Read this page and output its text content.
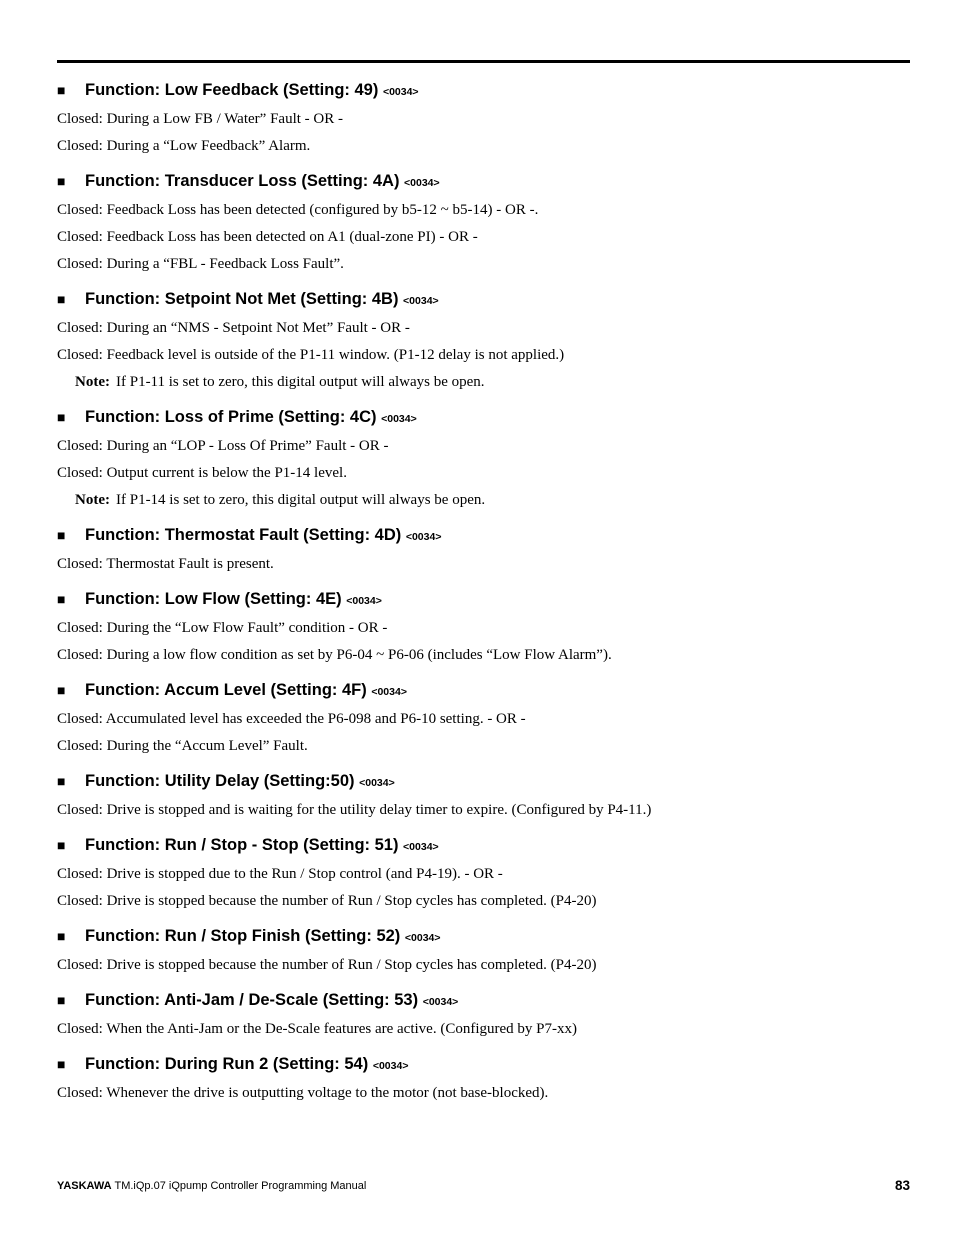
■ Function: Low Feedback (Setting: 49) <0034>
Closed: During a Low FB / Water” Fault - OR -
Closed: During a “Low Feedback” Alarm.
■ Function: Transducer Loss (Setting: 4A) <0034>
Closed: Feedback Loss has been detected (configured by b5-12 ~ b5-14) - OR -.
Closed: Feedback Loss has been detected on A1 (dual-zone PI) - OR -
Closed: During a “FBL - Feedback Loss Fault”.
■ Function: Setpoint Not Met (Setting: 4B) <0034>
Closed: During an “NMS - Setpoint Not Met” Fault - OR -
Closed: Feedback level is outside of the P1-11 window. (P1-12 delay is not applied.)
Note: If P1-11 is set to zero, this digital output will always be open.
■ Function: Loss of Prime (Setting: 4C) <0034>
Closed: During an “LOP - Loss Of Prime” Fault - OR -
Closed: Output current is below the P1-14 level.
Note: If P1-14 is set to zero, this digital output will always be open.
■ Function: Thermostat Fault (Setting: 4D) <0034>
Closed: Thermostat Fault is present.
■ Function: Low Flow (Setting: 4E) <0034>
Closed: During the “Low Flow Fault” condition - OR -
Closed: During a low flow condition as set by P6-04 ~ P6-06 (includes “Low Flow Alarm”).
■ Function: Accum Level (Setting: 4F) <0034>
Closed: Accumulated level has exceeded the P6-098 and P6-10 setting. - OR -
Closed: During the “Accum Level” Fault.
■ Function: Utility Delay (Setting:50) <0034>
Closed: Drive is stopped and is waiting for the utility delay timer to expire. (Configured by P4-11.)
■ Function: Run / Stop - Stop (Setting: 51) <0034>
Closed: Drive is stopped due to the Run / Stop control (and P4-19). - OR -
Closed: Drive is stopped because the number of Run / Stop cycles has completed. (P4-20)
■ Function: Run / Stop Finish (Setting: 52) <0034>
Closed: Drive is stopped because the number of Run / Stop cycles has completed. (P4-20)
■ Function: Anti-Jam / De-Scale (Setting: 53) <0034>
Closed: When the Anti-Jam or the De-Scale features are active. (Configured by P7-xx)
■ Function: During Run 2 (Setting: 54) <0034>
Closed: Whenever the drive is outputting voltage to the motor (not base-blocked).
YASKAWA TM.iQp.07 iQpump Controller Programming Manual	83
